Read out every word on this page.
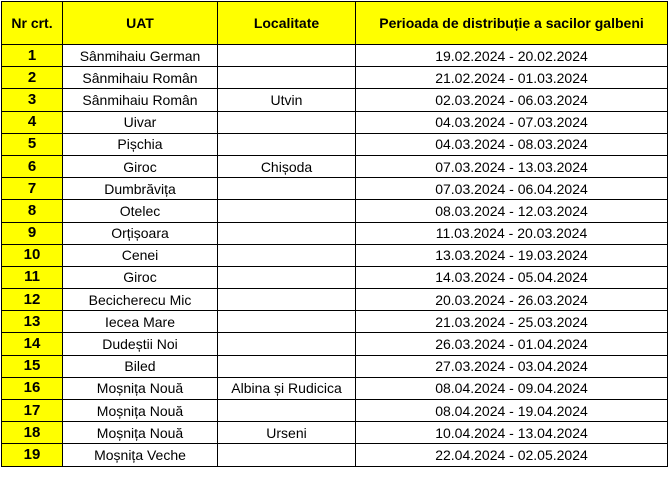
Nr crt.	UAT	Localitate	Perioada de distribuție a sacilor galbeni
1	Sânmihaiu German		19.02.2024 - 20.02.2024
2	Sânmihaiu Român		21.02.2024 - 01.03.2024
3	Sânmihaiu Român	Utvin	02.03.2024 - 06.03.2024
4	Uivar		04.03.2024 - 07.03.2024
5	Pișchia		04.03.2024 - 08.03.2024
6	Giroc	Chișoda	07.03.2024 - 13.03.2024
7	Dumbrăvița		07.03.2024 - 06.04.2024
8	Otelec		08.03.2024 - 12.03.2024
9	Orțișoara		11.03.2024 - 20.03.2024
10	Cenei		13.03.2024 - 19.03.2024
11	Giroc		14.03.2024 - 05.04.2024
12	Becicherecu Mic		20.03.2024 - 26.03.2024
13	Iecea Mare		21.03.2024 - 25.03.2024
14	Dudeștii Noi		26.03.2024 - 01.04.2024
15	Biled		27.03.2024 - 03.04.2024
16	Moșnița Nouă	Albina și Rudicica	08.04.2024 - 09.04.2024
17	Moșnița Nouă		08.04.2024 - 19.04.2024
18	Moșnița Nouă	Urseni	10.04.2024 - 13.04.2024
19	Moșnița Veche		22.04.2024 - 02.05.2024
